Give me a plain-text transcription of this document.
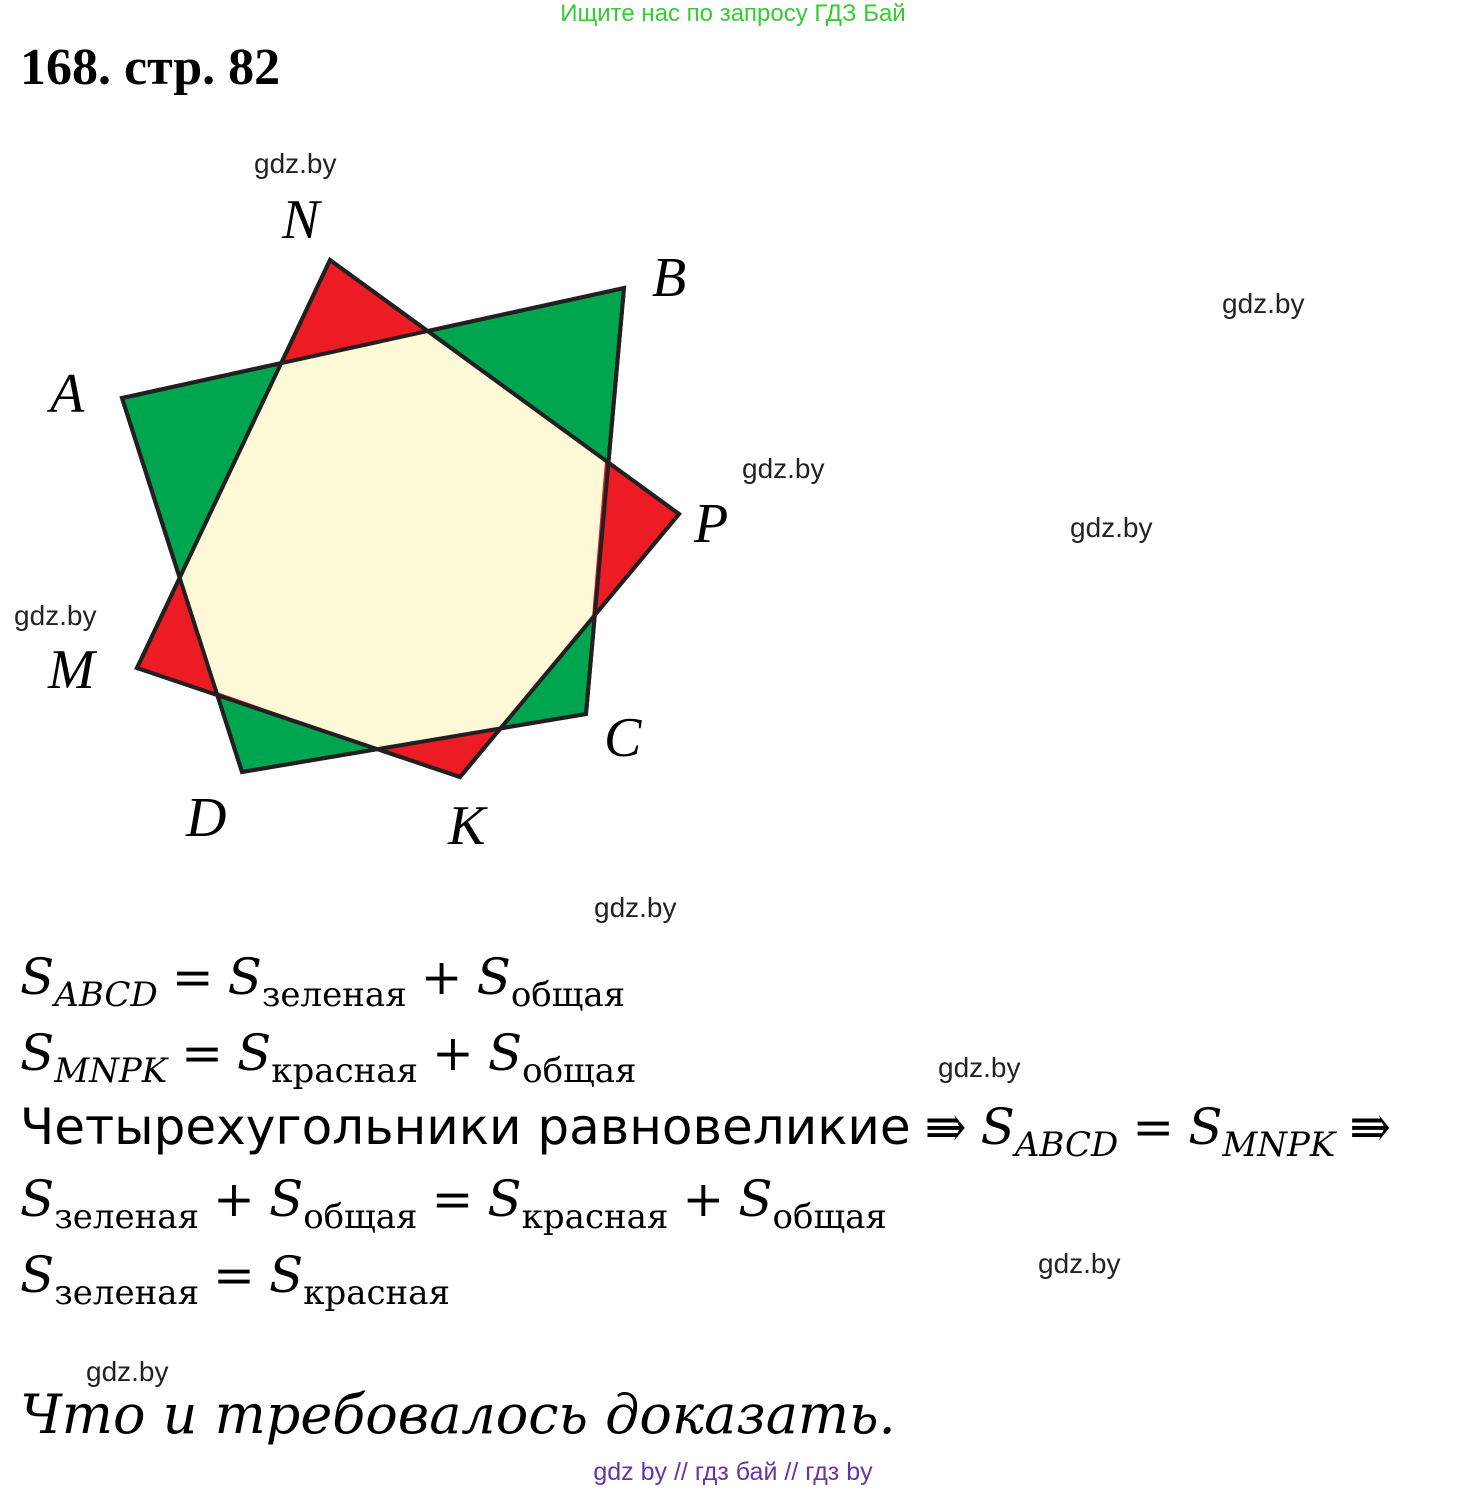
Ищите нас по запросу ГДЗ Бай
168. стр. 82
gdz.by
gdz.by
gdz.by
gdz.by
gdz.by
gdz.by
gdz.by
gdz.by
gdz.by
N
B
A
P
M
C
D	K
$S_{ABCD} = S_{зеленая} + S_{общая}$
$S_{MNPK} = S_{красная} + S_{общая}$
Четырехугольники равновеликие ⇛ $S_{ABCD} = S_{MNPK}$ ⇛
$S_{зеленая} + S_{общая} = S_{красная} + S_{общая}$
$S_{зеленая} = S_{красная}$
Что и требовалось доказать.
gdz by // гдз бай // гдз by
